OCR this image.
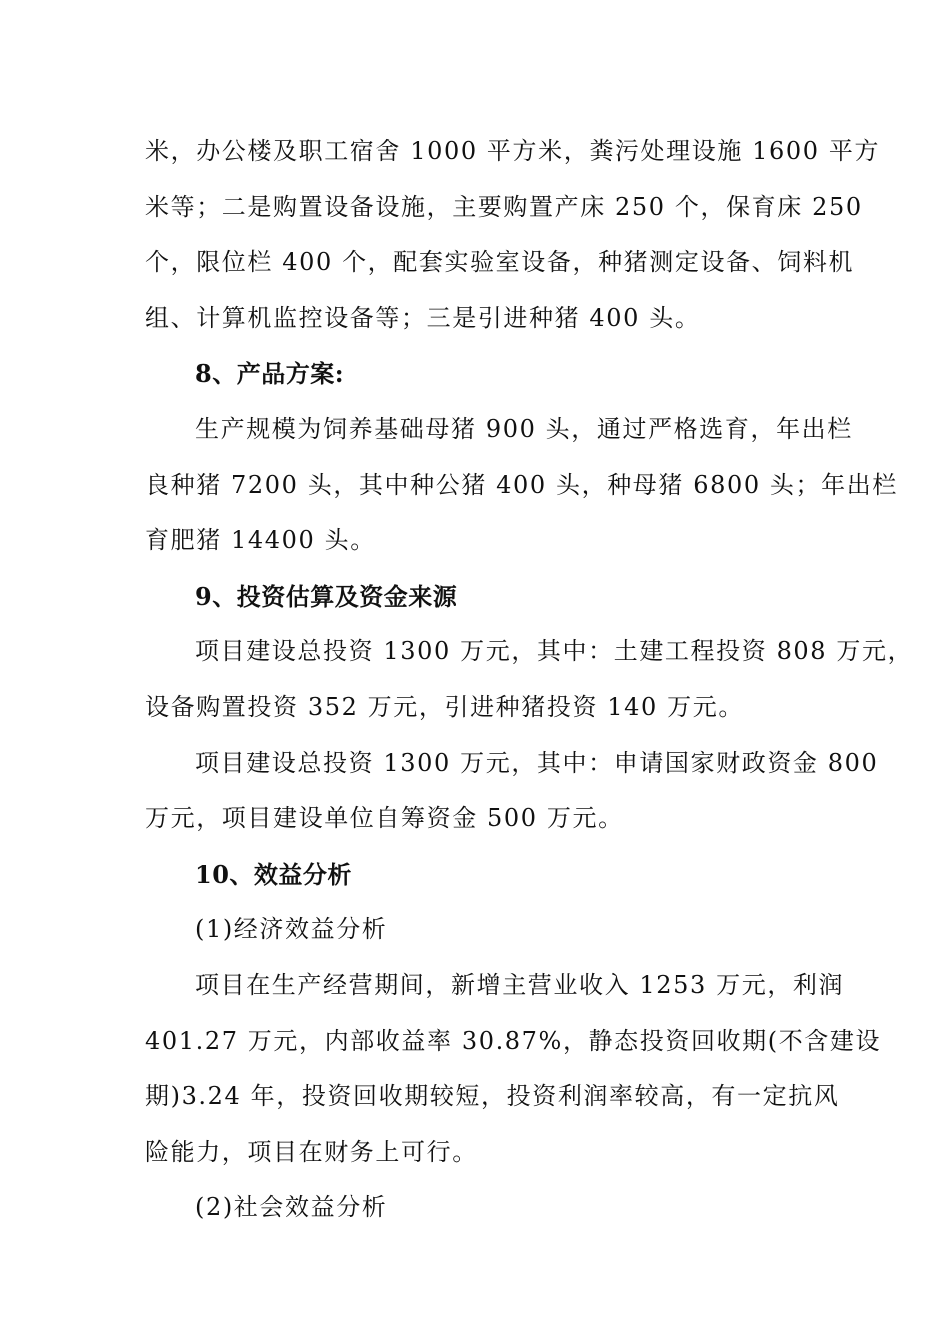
米，办公楼及职工宿舍 1000 平方米，粪污处理设施 1600 平方
米等；二是购置设备设施，主要购置产床 250 个，保育床 250
个，限位栏 400 个，配套实验室设备，种猪测定设备、饲料机
组、计算机监控设备等；三是引进种猪 400 头。
8、产品方案:
生产规模为饲养基础母猪 900 头，通过严格选育，年出栏
良种猪 7200 头，其中种公猪 400 头，种母猪 6800 头；年出栏
育肥猪 14400 头。
9、投资估算及资金来源
项目建设总投资 1300 万元，其中：土建工程投资 808 万元，
设备购置投资 352 万元，引进种猪投资 140 万元。
项目建设总投资 1300 万元，其中：申请国家财政资金 800
万元，项目建设单位自筹资金 500 万元。
10、效益分析
(1)经济效益分析
项目在生产经营期间，新增主营业收入 1253 万元，利润
401.27 万元，内部收益率 30.87%，静态投资回收期(不含建设
期)3.24 年，投资回收期较短，投资利润率较高，有一定抗风
险能力，项目在财务上可行。
(2)社会效益分析
